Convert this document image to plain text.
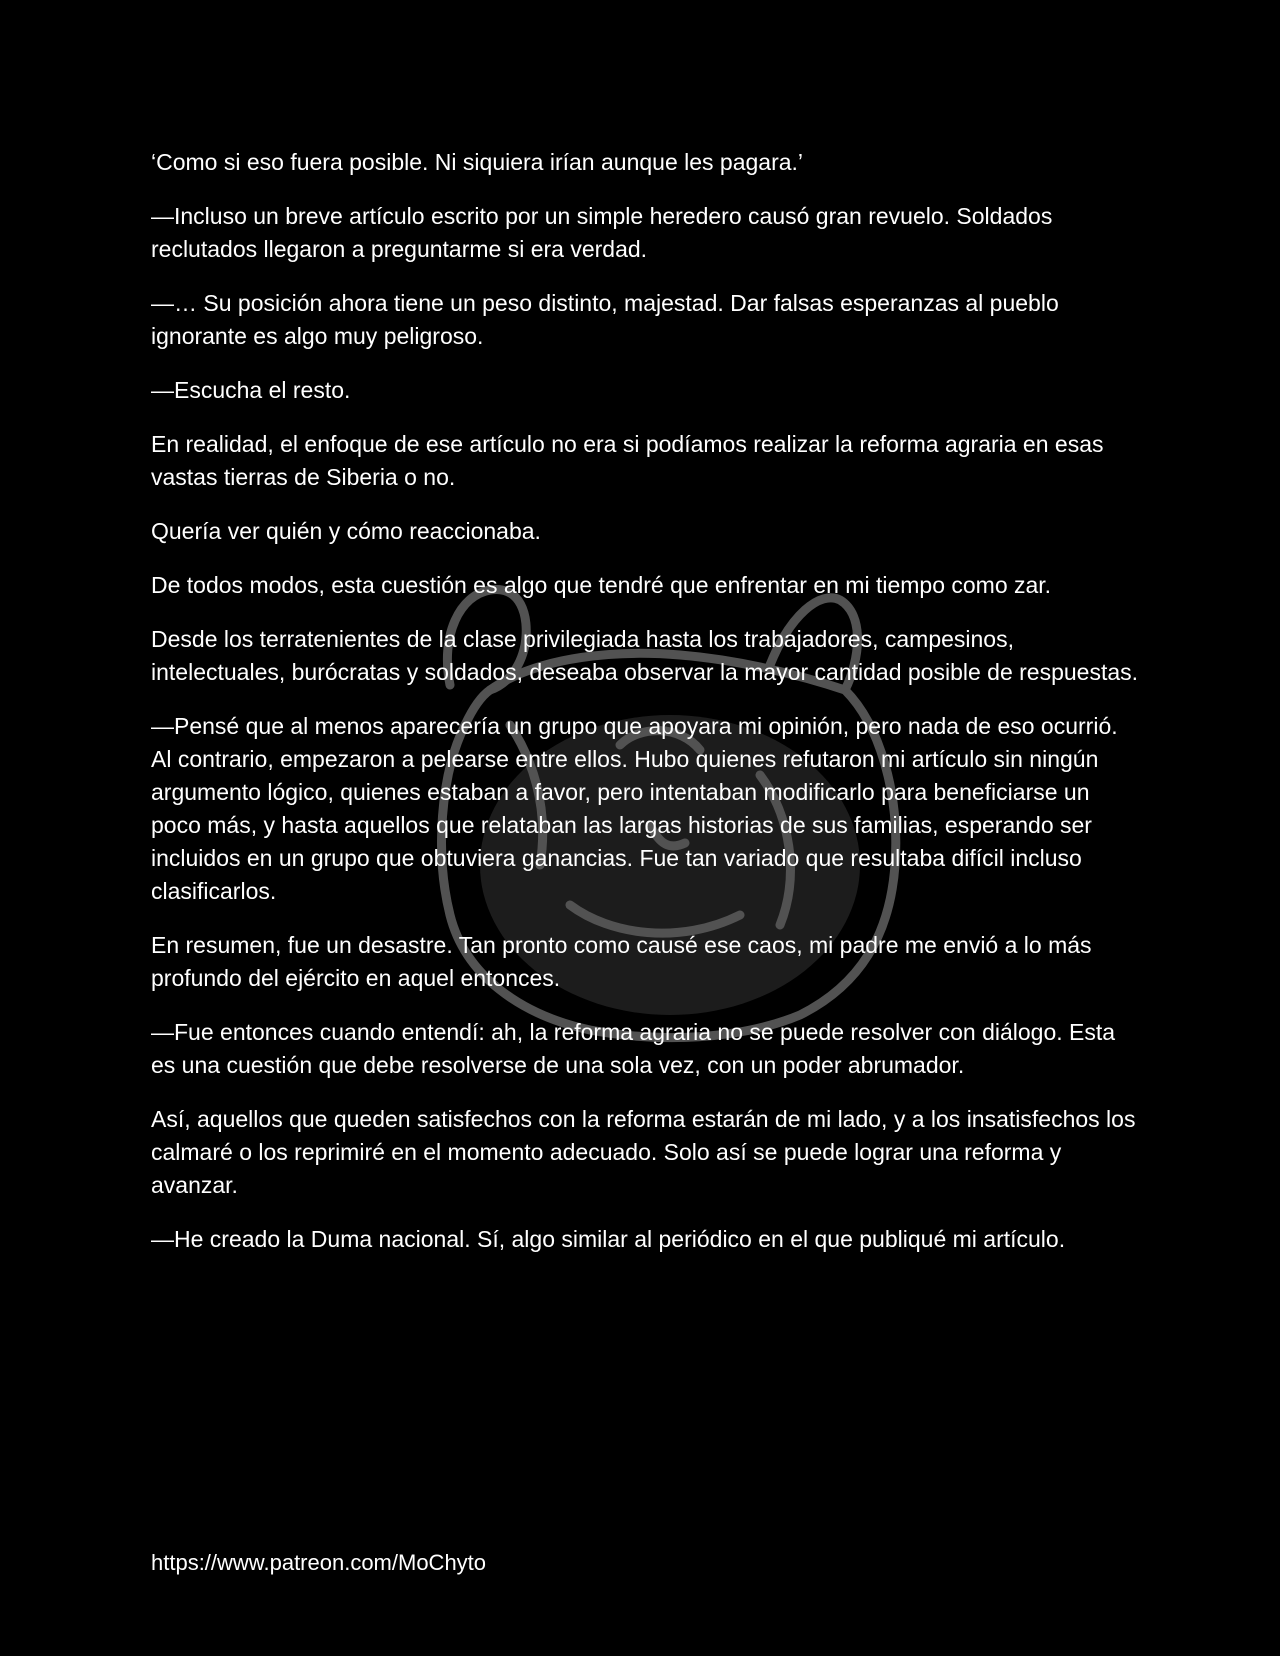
‘Como si eso fuera posible. Ni siquiera irían aunque les pagara.’

—Incluso un breve artículo escrito por un simple heredero causó gran revuelo. Soldados reclutados llegaron a preguntarme si era verdad.

—… Su posición ahora tiene un peso distinto, majestad. Dar falsas esperanzas al pueblo ignorante es algo muy peligroso.

—Escucha el resto.

En realidad, el enfoque de ese artículo no era si podíamos realizar la reforma agraria en esas vastas tierras de Siberia o no.

Quería ver quién y cómo reaccionaba.

De todos modos, esta cuestión es algo que tendré que enfrentar en mi tiempo como zar.

Desde los terratenientes de la clase privilegiada hasta los trabajadores, campesinos, intelectuales, burócratas y soldados, deseaba observar la mayor cantidad posible de respuestas.

—Pensé que al menos aparecería un grupo que apoyara mi opinión, pero nada de eso ocurrió. Al contrario, empezaron a pelearse entre ellos. Hubo quienes refutaron mi artículo sin ningún argumento lógico, quienes estaban a favor, pero intentaban modificarlo para beneficiarse un poco más, y hasta aquellos que relataban las largas historias de sus familias, esperando ser incluidos en un grupo que obtuviera ganancias. Fue tan variado que resultaba difícil incluso clasificarlos.

En resumen, fue un desastre. Tan pronto como causé ese caos, mi padre me envió a lo más profundo del ejército en aquel entonces.

—Fue entonces cuando entendí: ah, la reforma agraria no se puede resolver con diálogo. Esta es una cuestión que debe resolverse de una sola vez, con un poder abrumador.

Así, aquellos que queden satisfechos con la reforma estarán de mi lado, y a los insatisfechos los calmaré o los reprimiré en el momento adecuado. Solo así se puede lograr una reforma y avanzar.

—He creado la Duma nacional. Sí, algo similar al periódico en el que publiqué mi artículo.

https://www.patreon.com/MoChyto
